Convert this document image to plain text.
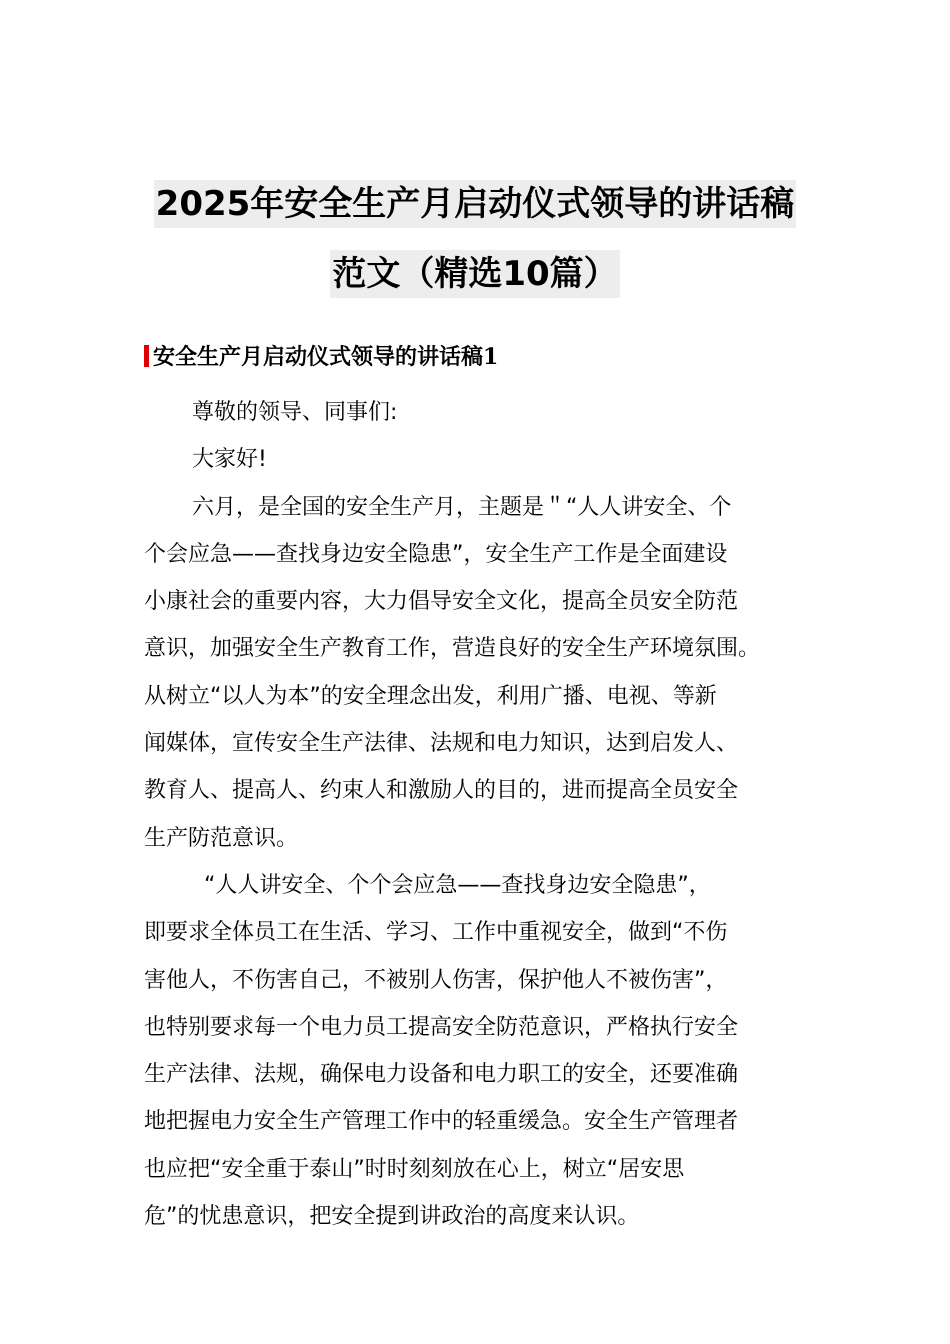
2025年安全生产月启动仪式领导的讲话稿
范文（精选10篇）
安全生产月启动仪式领导的讲话稿1
尊敬的领导、同事们:
大家好!
六月，是全国的安全生产月，主题是＂“人人讲安全、个
个会应急——查找身边安全隐患”，安全生产工作是全面建设
小康社会的重要内容，大力倡导安全文化，提高全员安全防范
意识，加强安全生产教育工作，营造良好的安全生产环境氛围。
从树立“以人为本”的安全理念出发，利用广播、电视、等新
闻媒体，宣传安全生产法律、法规和电力知识，达到启发人、
教育人、提高人、约束人和激励人的目的，进而提高全员安全
生产防范意识。
“人人讲安全、个个会应急——查找身边安全隐患”，
即要求全体员工在生活、学习、工作中重视安全，做到“不伤
害他人，不伤害自己，不被别人伤害，保护他人不被伤害”，
也特别要求每一个电力员工提高安全防范意识，严格执行安全
生产法律、法规，确保电力设备和电力职工的安全，还要准确
地把握电力安全生产管理工作中的轻重缓急。安全生产管理者
也应把“安全重于泰山”时时刻刻放在心上，树立“居安思
危”的忧患意识，把安全提到讲政治的高度来认识。
